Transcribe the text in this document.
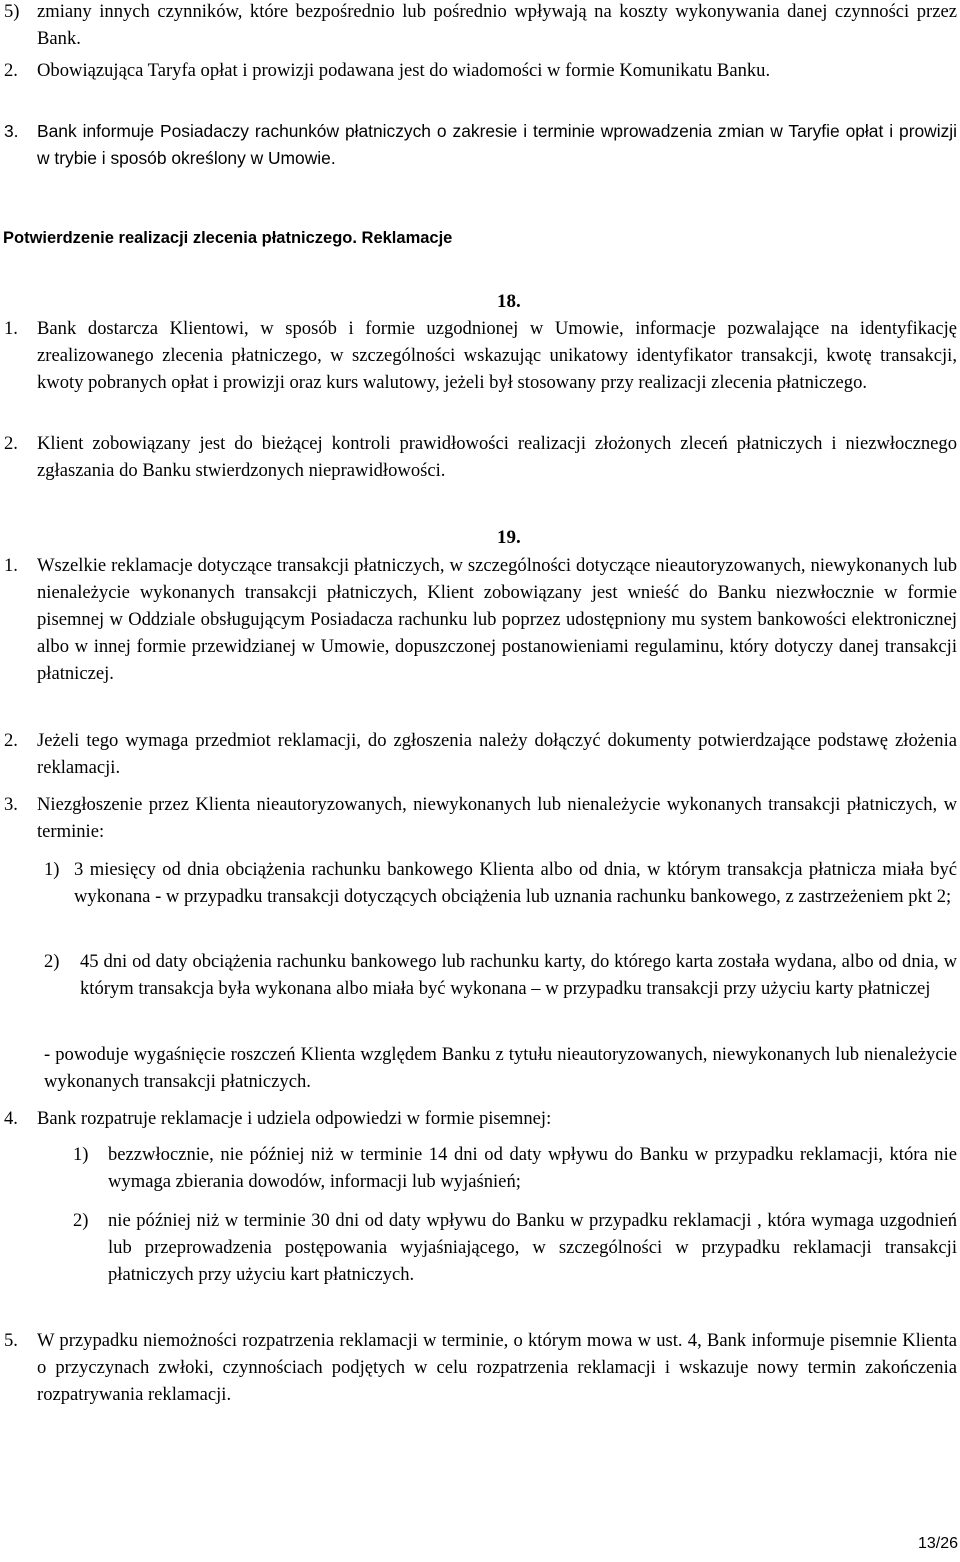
5) zmiany innych czynników, które bezpośrednio lub pośrednio wpływają na koszty wykonywania danej czynności przez Bank.

2. Obowiązująca Taryfa opłat i prowizji podawana jest do wiadomości w formie Komunikatu Banku.

3. Bank informuje Posiadaczy rachunków płatniczych o zakresie i terminie wprowadzenia zmian w Taryfie opłat i prowizji w trybie i sposób określony w Umowie.

Potwierdzenie realizacji zlecenia płatniczego. Reklamacje
18.
1. Bank dostarcza Klientowi, w sposób i formie uzgodnionej w Umowie, informacje pozwalające na identyfikację zrealizowanego zlecenia płatniczego, w szczególności wskazując unikatowy identyfikator transakcji, kwotę transakcji, kwoty pobranych opłat i prowizji oraz kurs walutowy, jeżeli był stosowany przy realizacji zlecenia płatniczego.

2. Klient zobowiązany jest do bieżącej kontroli prawidłowości realizacji złożonych zleceń płatniczych i niezwłocznego zgłaszania do Banku stwierdzonych nieprawidłowości.

19.
1. Wszelkie reklamacje dotyczące transakcji płatniczych, w szczególności dotyczące nieautoryzowanych, niewykonanych lub nienależycie wykonanych transakcji płatniczych, Klient zobowiązany jest wnieść do Banku niezwłocznie w formie pisemnej w Oddziale obsługującym Posiadacza rachunku lub poprzez udostępniony mu system bankowości elektronicznej albo w innej formie przewidzianej w Umowie, dopuszczonej postanowieniami regulaminu, który dotyczy danej transakcji płatniczej.

2. Jeżeli tego wymaga przedmiot reklamacji, do zgłoszenia należy dołączyć dokumenty potwierdzające podstawę złożenia reklamacji.

3. Niezgłoszenie przez Klienta nieautoryzowanych, niewykonanych lub nienależycie wykonanych transakcji płatniczych, w terminie:

1) 3 miesięcy od dnia obciążenia rachunku bankowego Klienta albo od dnia, w którym transakcja płatnicza miała być wykonana - w przypadku transakcji dotyczących obciążenia lub uznania rachunku bankowego, z zastrzeżeniem pkt 2;

2) 45 dni od daty obciążenia rachunku bankowego lub rachunku karty, do którego karta została wydana, albo od dnia, w którym transakcja była wykonana albo miała być wykonana – w przypadku transakcji przy użyciu karty płatniczej

- powoduje wygaśnięcie roszczeń Klienta względem Banku z tytułu nieautoryzowanych, niewykonanych lub nienależycie wykonanych transakcji płatniczych.

4. Bank rozpatruje reklamacje i udziela odpowiedzi w formie pisemnej:

1) bezzwłocznie, nie później niż w terminie 14 dni od daty wpływu do Banku w przypadku reklamacji, która nie wymaga zbierania dowodów, informacji lub wyjaśnień;

2) nie później niż w terminie 30 dni od daty wpływu do Banku w przypadku reklamacji , która wymaga uzgodnień lub przeprowadzenia postępowania wyjaśniającego, w szczególności w przypadku reklamacji transakcji płatniczych przy użyciu kart płatniczych.

5. W przypadku niemożności rozpatrzenia reklamacji w terminie, o którym mowa w ust. 4, Bank informuje pisemnie Klienta o przyczynach zwłoki, czynnościach podjętych w celu rozpatrzenia reklamacji i wskazuje nowy termin zakończenia rozpatrywania reklamacji.

13/26
